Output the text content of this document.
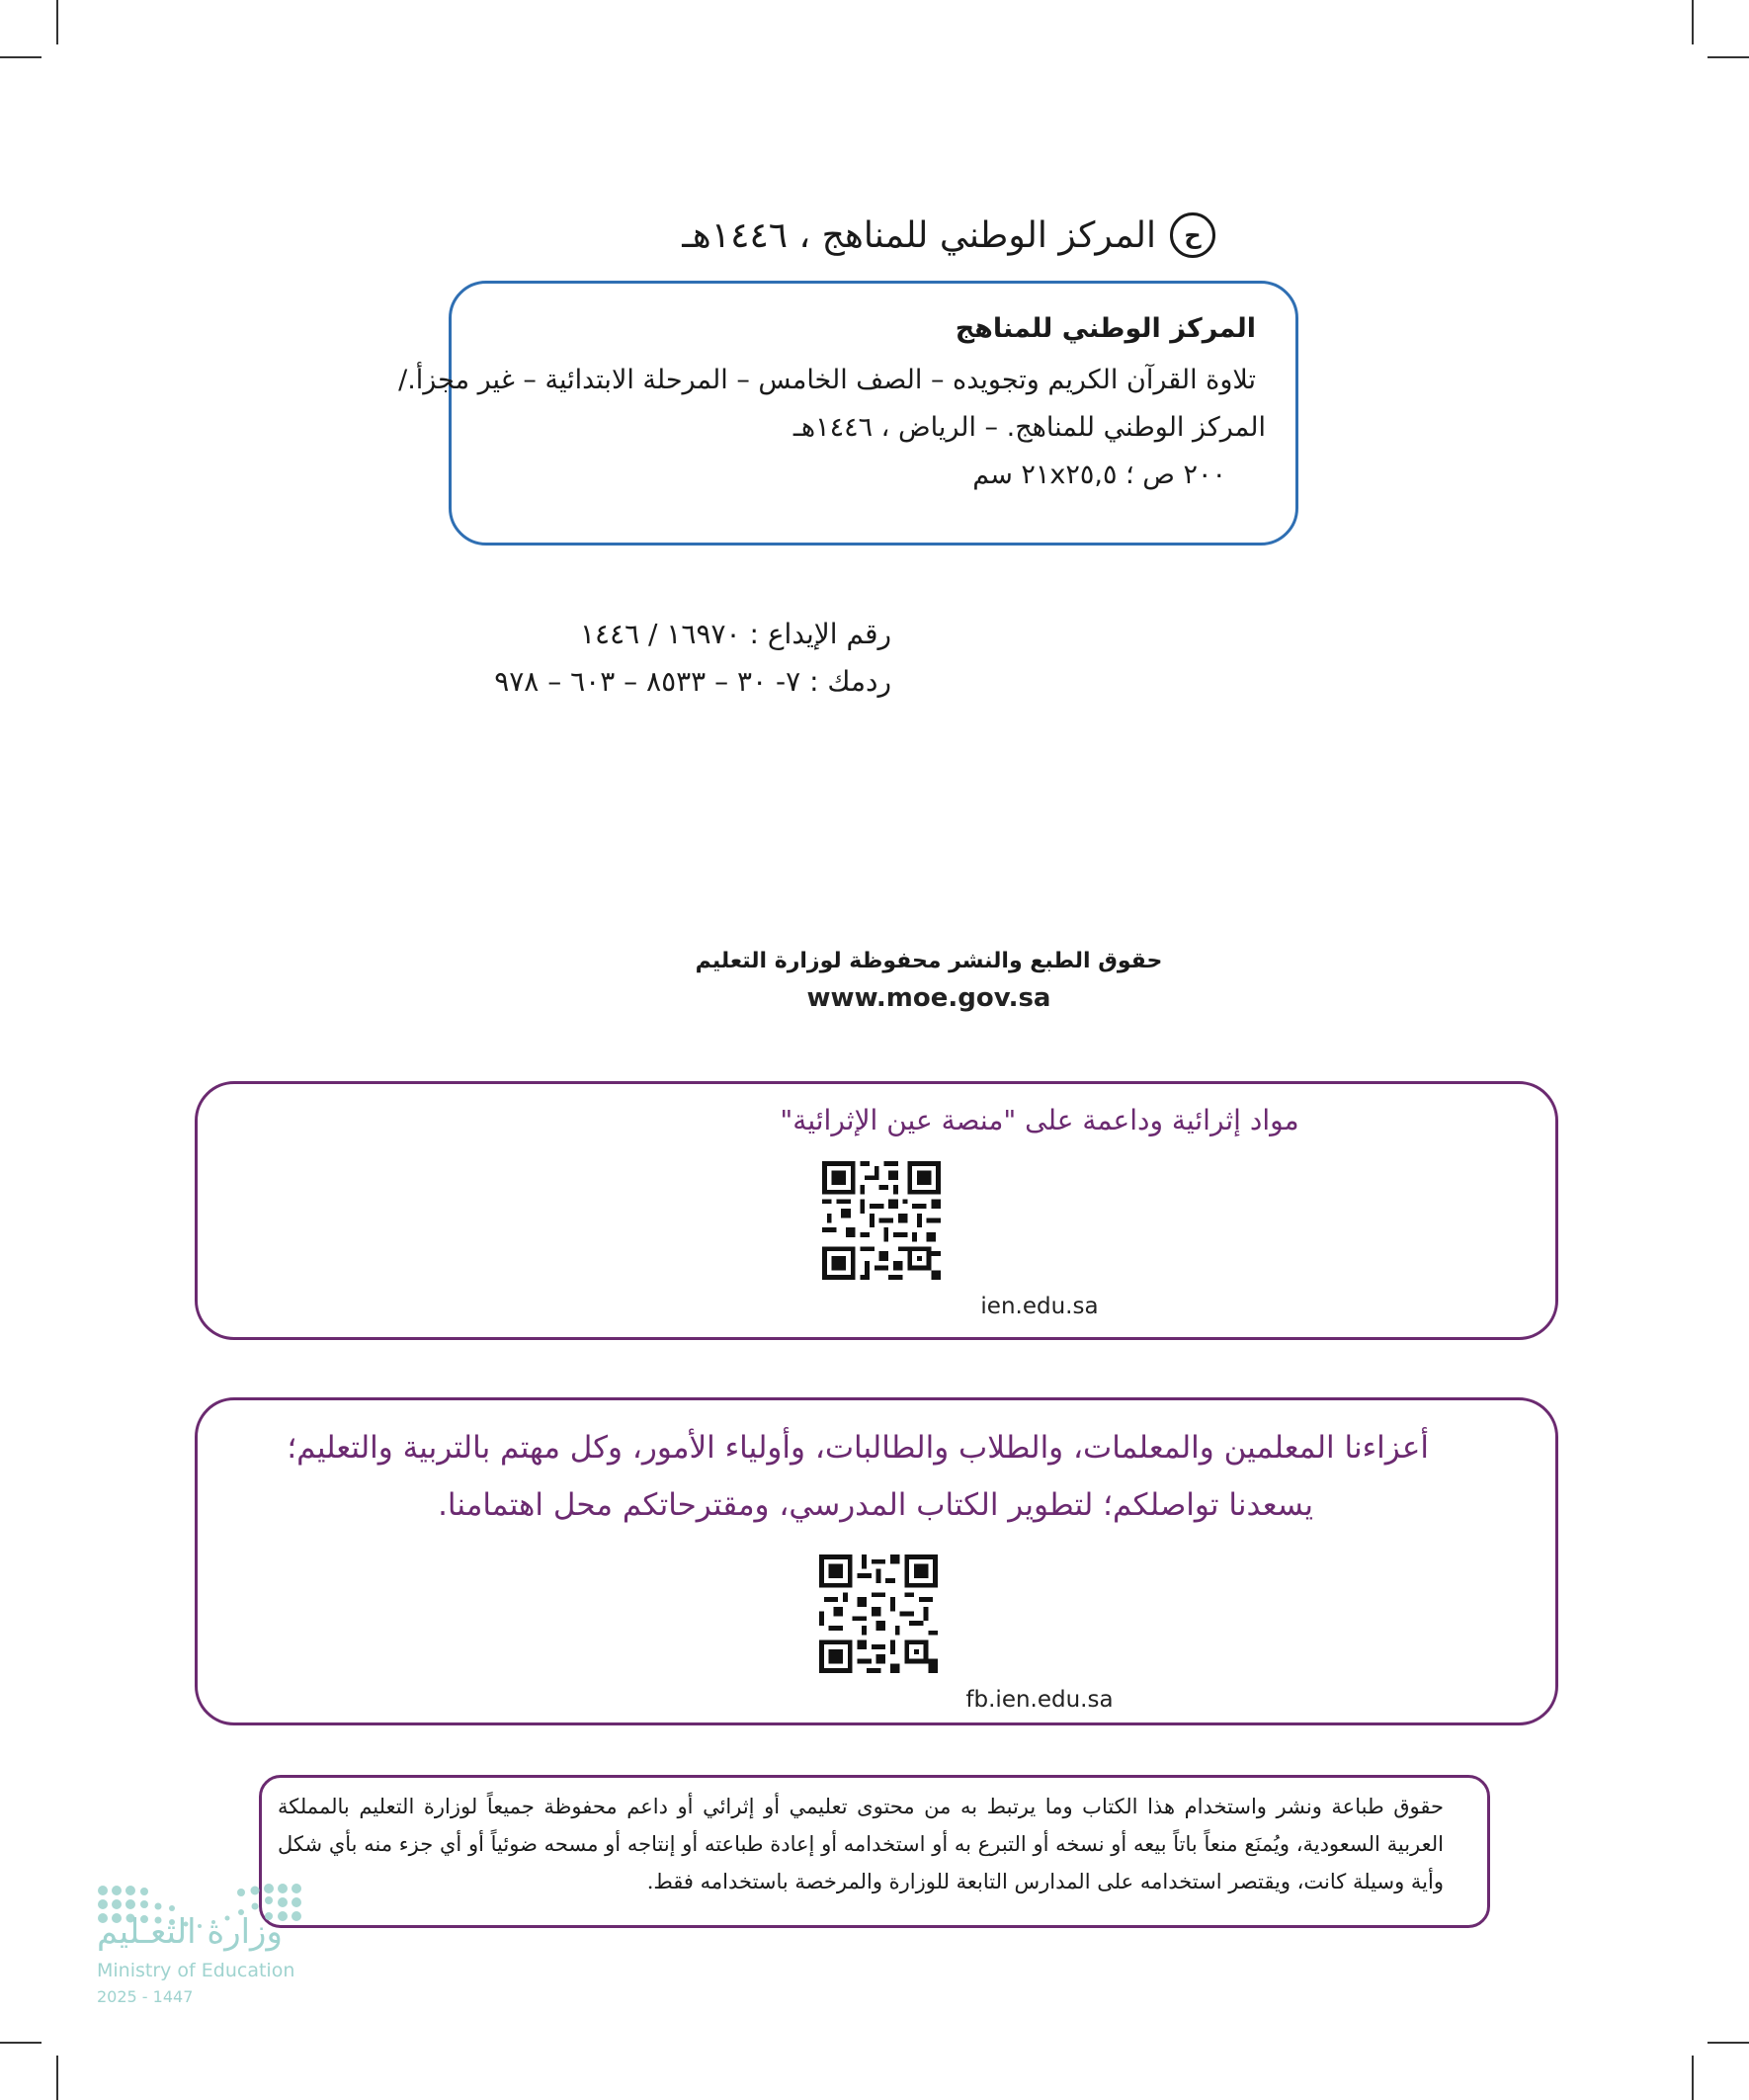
ح
المركز الوطني للمناهج ، ١٤٤٦هـ
المركز الوطني للمناهج
تلاوة القرآن الكريم وتجويده – الصف الخامس – المرحلة الابتدائية – غير مجزأ./
المركز الوطني للمناهج. – الرياض ، ١٤٤٦هـ
٢٠٠ ص ؛ ٢١x٢٥,٥ سم
رقم الإيداع : ١٦٩٧٠ / ١٤٤٦
ردمك : ٧- ٣٠ – ٨٥٣٣ – ٦٠٣ – ٩٧٨
حقوق الطبع والنشر محفوظة لوزارة التعليم
www.moe.gov.sa
مواد إثرائية وداعمة على "منصة عين الإثرائية"
ien.edu.sa
أعزاءنا المعلمين والمعلمات، والطلاب والطالبات، وأولياء الأمور، وكل مهتم بالتربية والتعليم؛
يسعدنا تواصلكم؛ لتطوير الكتاب المدرسي، ومقترحاتكم محل اهتمامنا.
fb.ien.edu.sa
حقوق طباعة ونشر واستخدام هذا الكتاب وما يرتبط به من محتوى تعليمي أو إثرائي أو داعم محفوظة جميعاً لوزارة التعليم بالمملكة العربية السعودية، ويُمنَع منعاً باتاً بيعه أو نسخه أو التبرع به أو استخدامه أو إعادة طباعته أو إنتاجه أو مسحه ضوئياً أو أي جزء منه بأي شكل وأية وسيلة كانت، ويقتصر استخدامه على المدارس التابعة للوزارة والمرخصة باستخدامه فقط.
وزارة التعـليم
Ministry of Education
2025 - 1447
